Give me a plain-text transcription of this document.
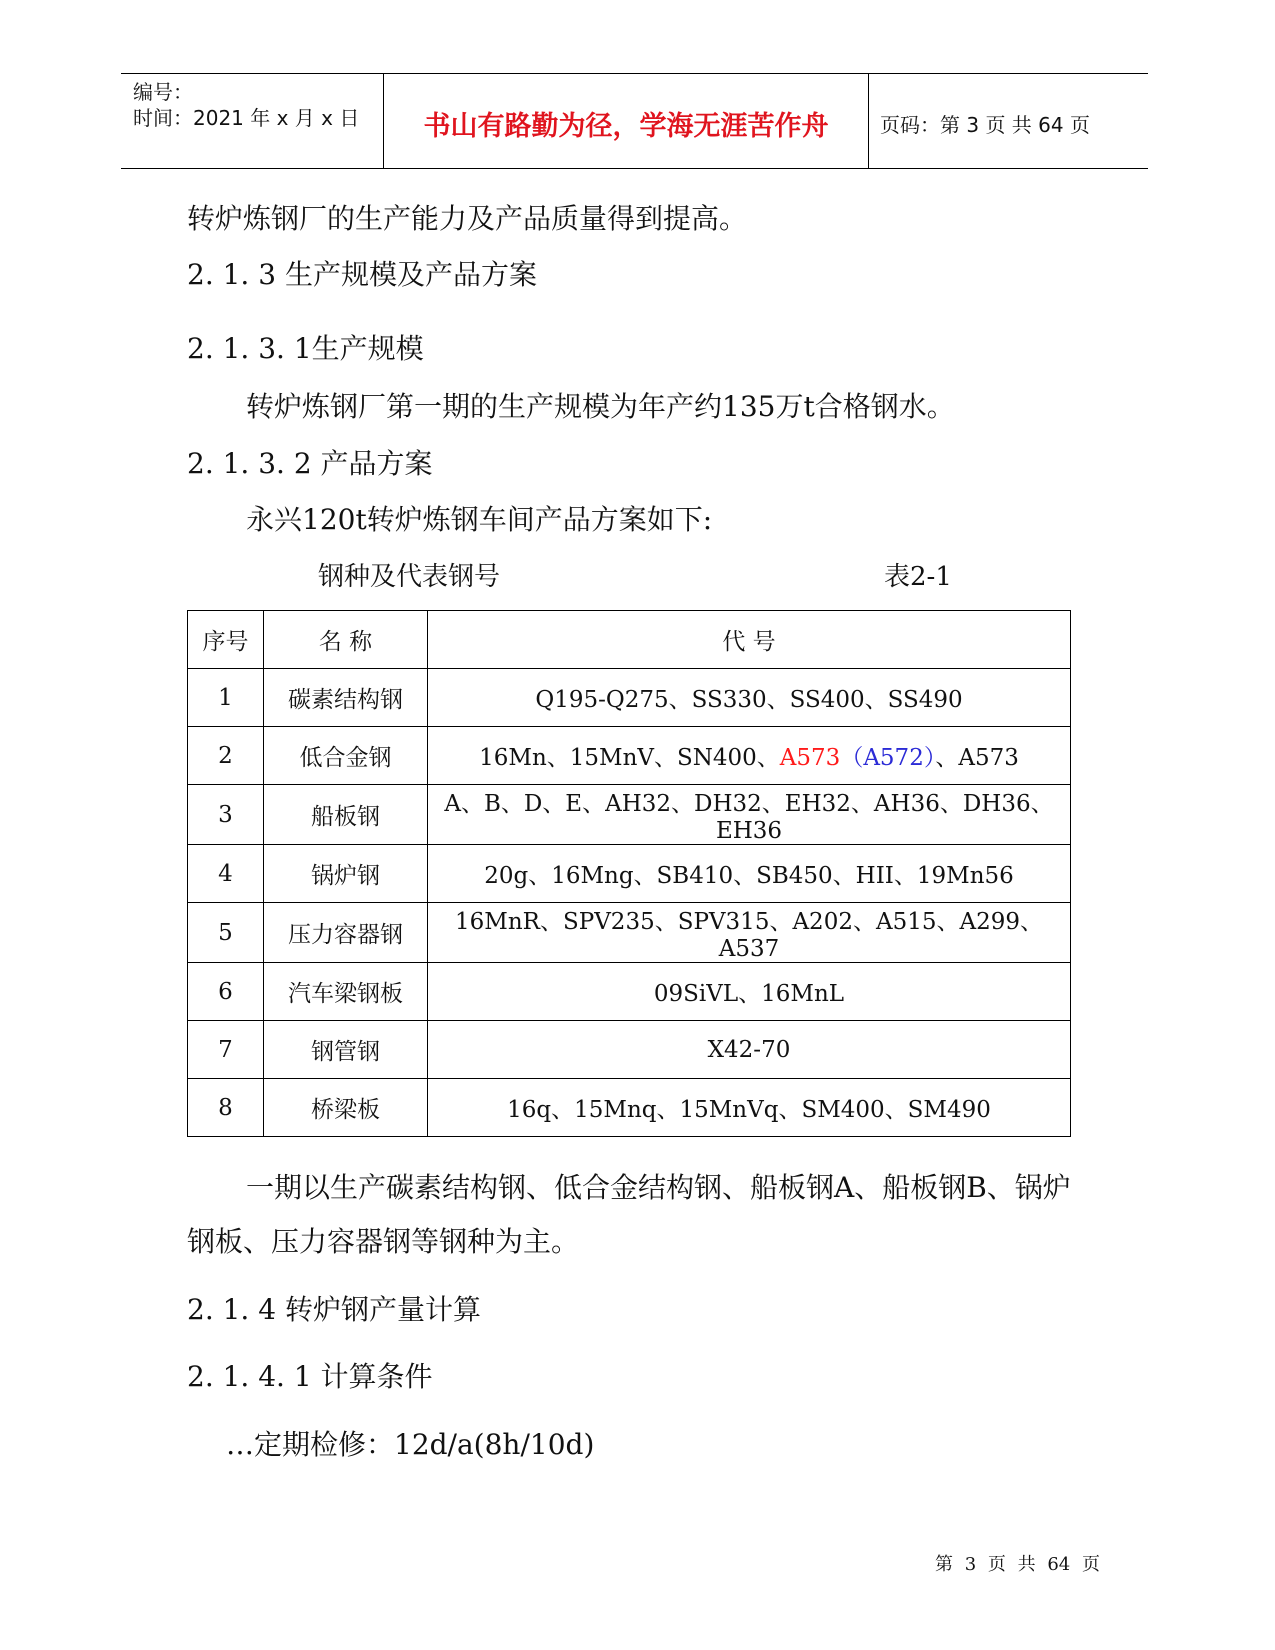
编号：
时间：2021 年 x 月 x 日	书山有路勤为径，学海无涯苦作舟	页码：第 3 页 共 64 页
转炉炼钢厂的生产能力及产品质量得到提高。
2. 1. 3 生产规模及产品方案
2. 1. 3. 1生产规模
转炉炼钢厂第一期的生产规模为年产约135万t合格钢水。
2. 1. 3. 2 产品方案
永兴120t转炉炼钢车间产品方案如下:
钢种及代表钢号	表2-1
序号	名 称	代 号
1	碳素结构钢	Q195-Q275、SS330、SS400、SS490
2	低合金钢	16Mn、15MnV、SN400、A573（A572）、A573
3	船板钢	A、B、D、E、AH32、DH32、EH32、AH36、DH36、EH36
4	锅炉钢	20g、16Mng、SB410、SB450、HII、19Mn56
5	压力容器钢	16MnR、SPV235、SPV315、A202、A515、A299、A537
6	汽车梁钢板	09SiVL、16MnL
7	钢管钢	X42-70
8	桥梁板	16q、15Mnq、15MnVq、SM400、SM490
一期以生产碳素结构钢、低合金结构钢、船板钢A、船板钢B、锅炉
钢板、压力容器钢等钢种为主。
2. 1. 4 转炉钢产量计算
2. 1. 4. 1 计算条件
…定期检修：12d/a(8h/10d)
第 3 页 共 64 页
